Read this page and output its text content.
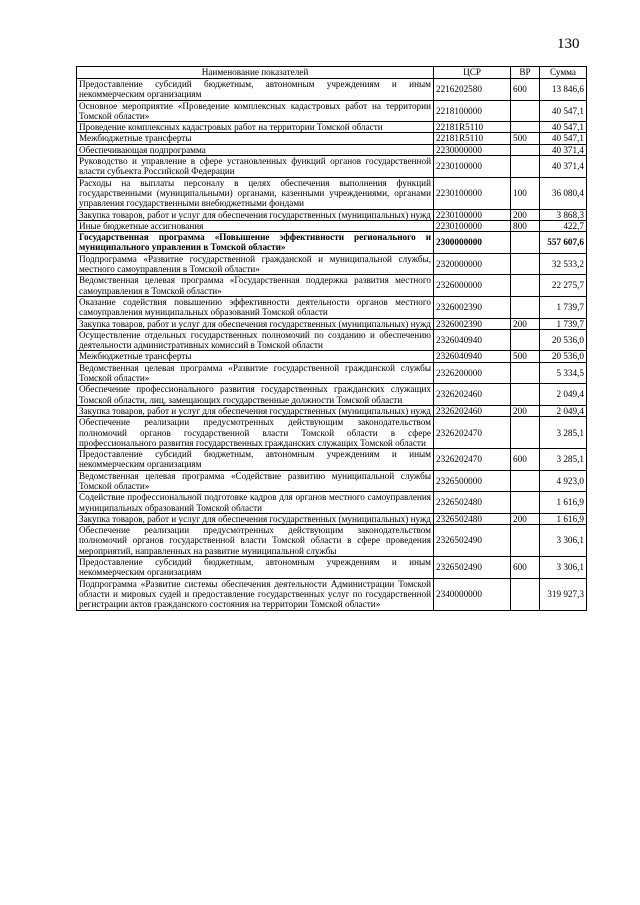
130
Наименование показателей	ЦСР	ВР	Сумма
Предоставление субсидий бюджетным, автономным учреждениям и иным некоммерческим организациям	2216202580	600	13 846,6
Основное мероприятие «Проведение комплексных кадастровых работ на территории Томской области»	2218100000		40 547,1
Проведение комплексных кадастровых работ на территории Томской области	22181R5110		40 547,1
Межбюджетные трансферты	22181R5110	500	40 547,1
Обеспечивающая подпрограмма	2230000000		40 371,4
Руководство и управление в сфере установленных функций органов государственной власти субъекта Российской Федерации	2230100000		40 371,4
Расходы на выплаты персоналу в целях обеспечения выполнения функций государственными (муниципальными) органами, казенными учреждениями, органами управления государственными внебюджетными фондами	2230100000	100	36 080,4
Закупка товаров, работ и услуг для обеспечения государственных (муниципальных) нужд	2230100000	200	3 868,3
Иные бюджетные ассигнования	2230100000	800	422,7
Государственная программа «Повышение эффективности регионального и муниципального управления в Томской области»	2300000000		557 607,6
Подпрограмма «Развитие государственной гражданской и муниципальной службы, местного самоуправления в Томской области»	2320000000		32 533,2
Ведомственная целевая программа «Государственная поддержка развития местного самоуправления в Томской области»	2326000000		22 275,7
Оказание содействия повышению эффективности деятельности органов местного самоуправления муниципальных образований Томской области	2326002390		1 739,7
Закупка товаров, работ и услуг для обеспечения государственных (муниципальных) нужд	2326002390	200	1 739,7
Осуществление отдельных государственных полномочий по созданию и обеспечению деятельности административных комиссий в Томской области	2326040940		20 536,0
Межбюджетные трансферты	2326040940	500	20 536,0
Ведомственная целевая программа «Развитие государственной гражданской службы Томской области»	2326200000		5 334,5
Обеспечение профессионального развития государственных гражданских служащих Томской области, лиц, замещающих государственные должности Томской области	2326202460		2 049,4
Закупка товаров, работ и услуг для обеспечения государственных (муниципальных) нужд	2326202460	200	2 049,4
Обеспечение реализации предусмотренных действующим законодательством полномочий органов государственной власти Томской области в сфере профессионального развития государственных гражданских служащих Томской области	2326202470		3 285,1
Предоставление субсидий бюджетным, автономным учреждениям и иным некоммерческим организациям	2326202470	600	3 285,1
Ведомственная целевая программа «Содействие развитию муниципальной службы Томской области»	2326500000		4 923,0
Содействие профессиональной подготовке кадров для органов местного самоуправления муниципальных образований Томской области	2326502480		1 616,9
Закупка товаров, работ и услуг для обеспечения государственных (муниципальных) нужд	2326502480	200	1 616,9
Обеспечение реализации предусмотренных действующим законодательством полномочий органов государственной власти Томской области в сфере проведения мероприятий, направленных на развитие муниципальной службы	2326502490		3 306,1
Предоставление субсидий бюджетным, автономным учреждениям и иным некоммерческим организациям	2326502490	600	3 306,1
Подпрограмма «Развитие системы обеспечения деятельности Администрации Томской области и мировых судей и предоставление государственных услуг по государственной регистрации актов гражданского состояния на территории Томской области»	2340000000		319 927,3
